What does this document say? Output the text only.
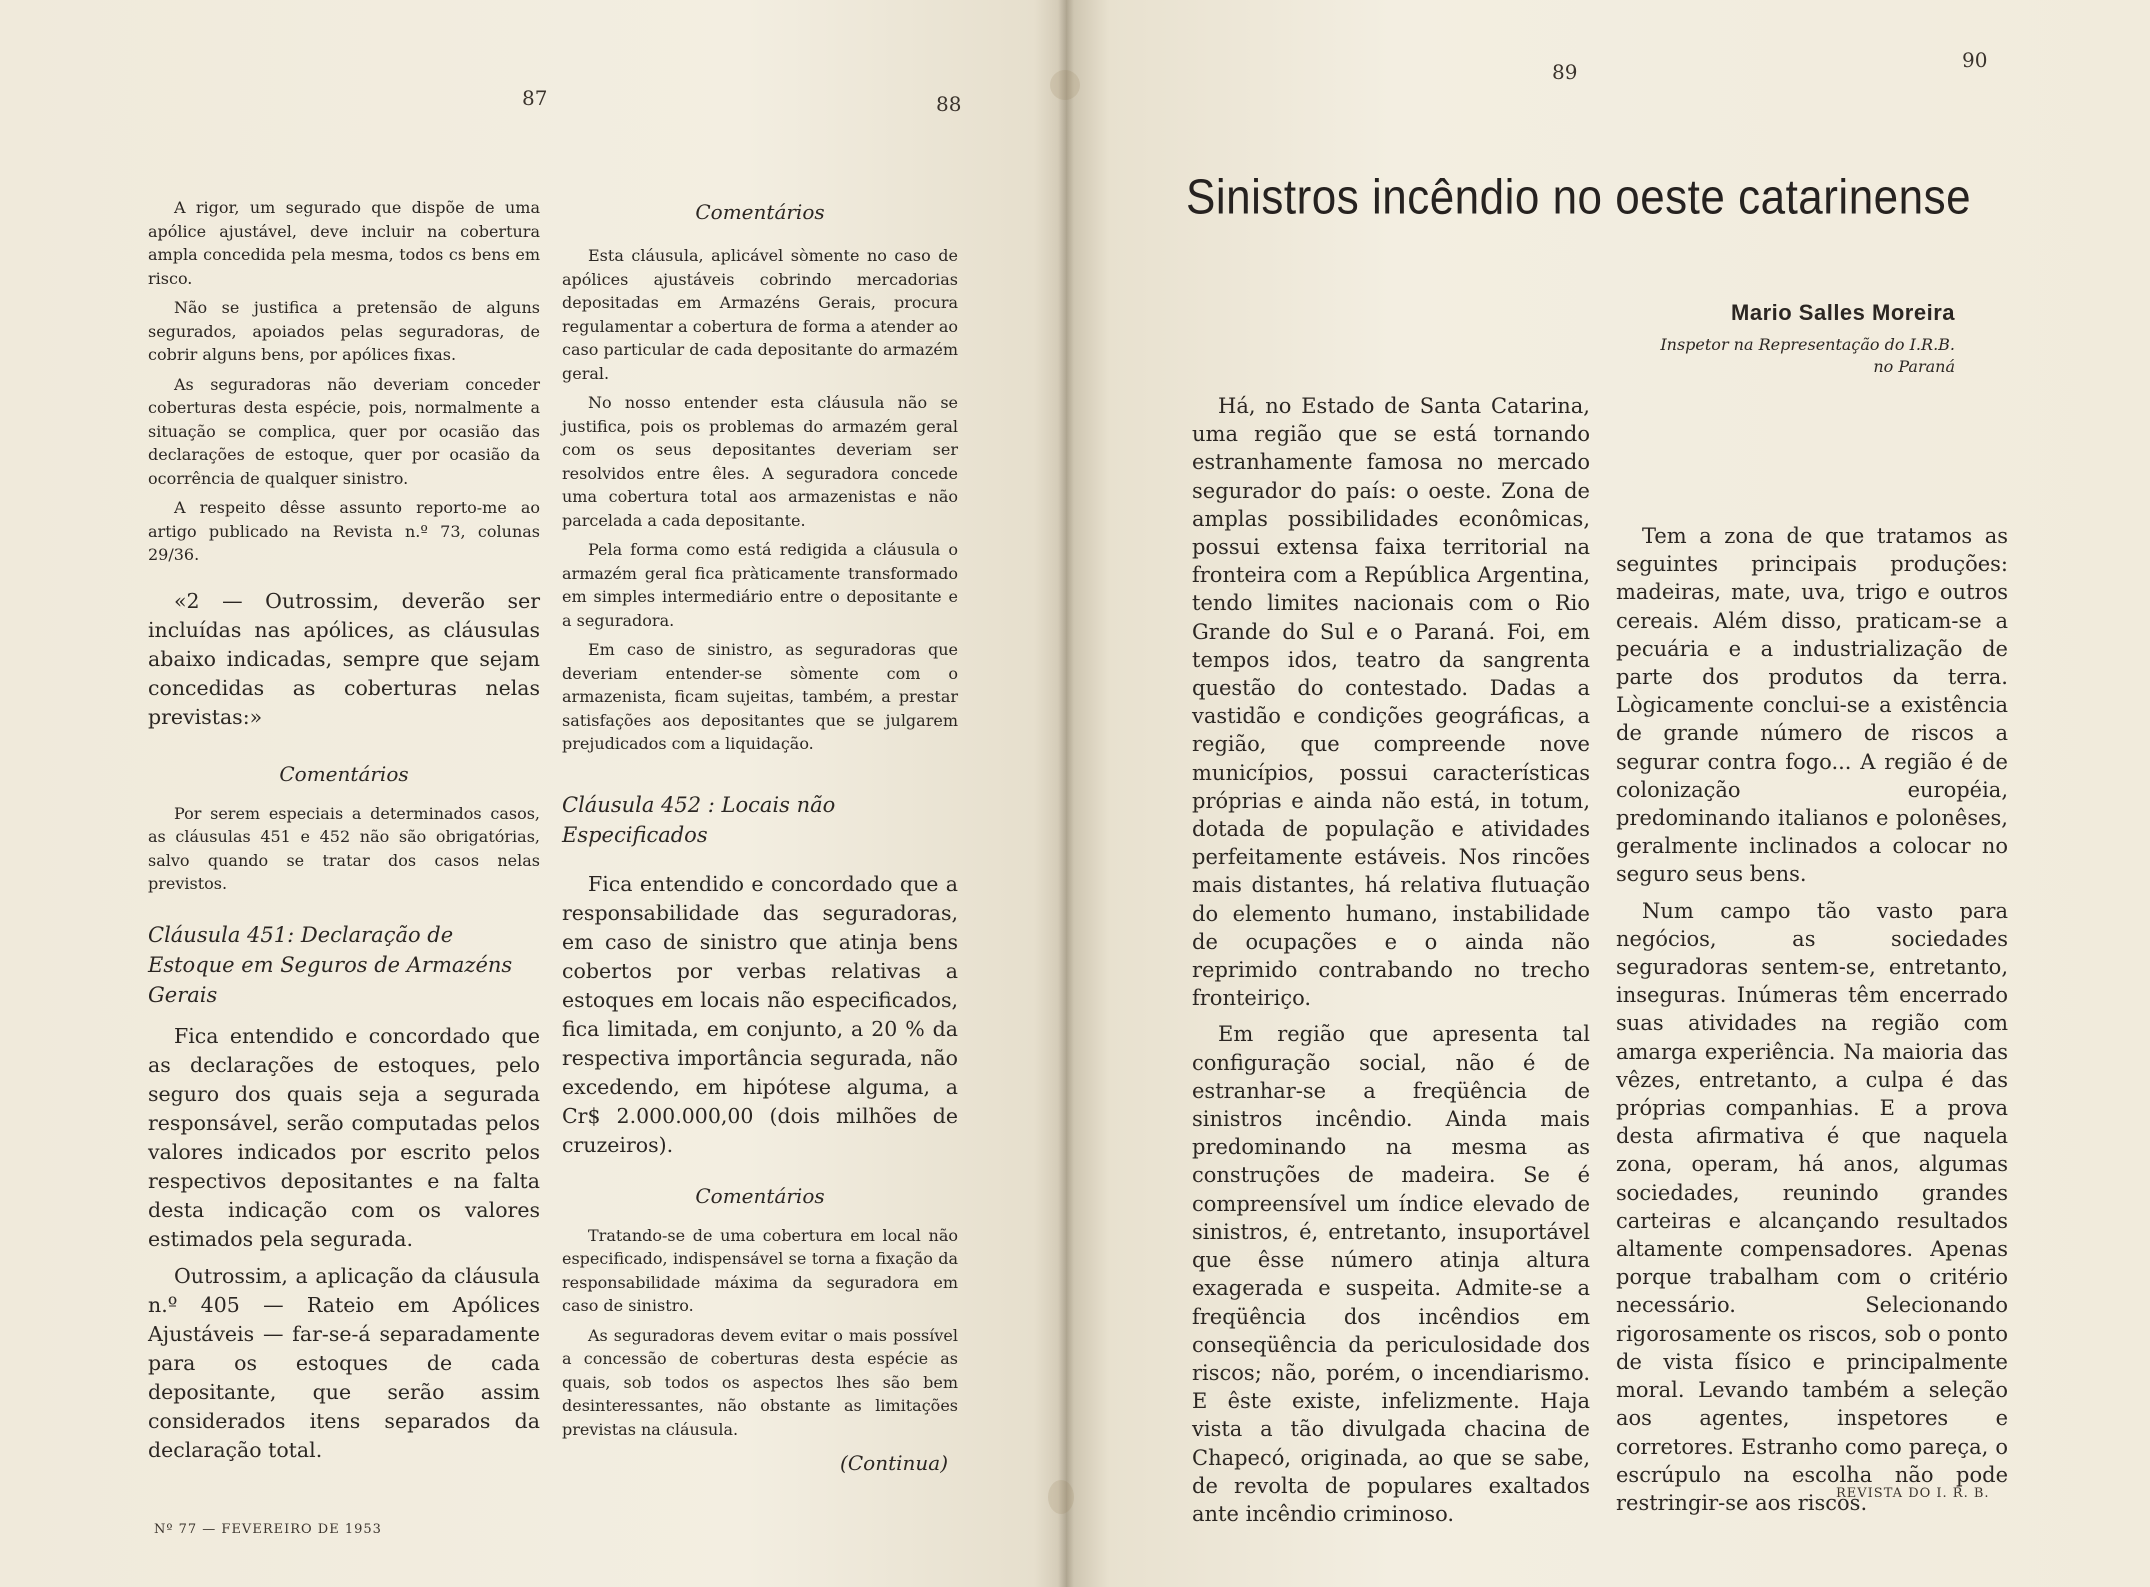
87	88
89	90

A rigor, um segurado que dispõe de uma apólice ajustável, deve incluir na cobertura ampla concedida pela mesma, todos cs bens em risco.

Não se justifica a pretensão de alguns segurados, apoiados pelas seguradoras, de cobrir alguns bens, por apólices fixas.

As seguradoras não deveriam conceder coberturas desta espécie, pois, normalmente a situação se complica, quer por ocasião das declarações de estoque, quer por ocasião da ocorrência de qualquer sinistro.

A respeito dêsse assunto reporto-me ao artigo publicado na Revista n.º 73, colunas 29/36.

«2 — Outrossim, deverão ser incluídas nas apólices, as cláusulas abaixo indicadas, sempre que sejam concedidas as coberturas nelas previstas:»

Comentários

Por serem especiais a determinados casos, as cláusulas 451 e 452 não são obrigatórias, salvo quando se tratar dos casos nelas previstos.

Cláusula 451: Declaração de Estoque em Seguros de Armazéns Gerais

Fica entendido e concordado que as declarações de estoques, pelo seguro dos quais seja a segurada responsável, serão computadas pelos valores indicados por escrito pelos respectivos depositantes e na falta desta indicação com os valores estimados pela segurada.

Outrossim, a aplicação da cláusula n.º 405 — Rateio em Apólices Ajustáveis — far-se-á separadamente para os estoques de cada depositante, que serão assim considerados itens separados da declaração total.

Comentários

Esta cláusula, aplicável sòmente no caso de apólices ajustáveis cobrindo mercadorias depositadas em Armazéns Gerais, procura regulamentar a cobertura de forma a atender ao caso particular de cada depositante do armazém geral.

No nosso entender esta cláusula não se justifica, pois os problemas do armazém geral com os seus depositantes deveriam ser resolvidos entre êles. A seguradora concede uma cobertura total aos armazenistas e não parcelada a cada depositante.

Pela forma como está redigida a cláusula o armazém geral fica pràticamente transformado em simples intermediário entre o depositante e a seguradora.

Em caso de sinistro, as seguradoras que deveriam entender-se sòmente com o armazenista, ficam sujeitas, também, a prestar satisfações aos depositantes que se julgarem prejudicados com a liquidação.

Cláusula 452 : Locais não Especificados

Fica entendido e concordado que a responsabilidade das seguradoras, em caso de sinistro que atinja bens cobertos por verbas relativas a estoques em locais não especificados, fica limitada, em conjunto, a 20 % da respectiva importância segurada, não excedendo, em hipótese alguma, a Cr$ 2.000.000,00 (dois milhões de cruzeiros).

Comentários

Tratando-se de uma cobertura em local não especificado, indispensável se torna a fixação da responsabilidade máxima da seguradora em caso de sinistro.

As seguradoras devem evitar o mais possível a concessão de coberturas desta espécie as quais, sob todos os aspectos lhes são bem desinteressantes, não obstante as limitações previstas na cláusula.

(Continua)
Nº 77 — FEVEREIRO DE 1953
Sinistros incêndio no oeste catarinense
Mario Salles Moreira
Inspetor na Representação do I.R.B.
no Paraná

Há, no Estado de Santa Catarina, uma região que se está tornando estranhamente famosa no mercado segurador do país: o oeste. Zona de amplas possibilidades econômicas, possui extensa faixa territorial na fronteira com a República Argentina, tendo limites nacionais com o Rio Grande do Sul e o Paraná. Foi, em tempos idos, teatro da sangrenta questão do contestado. Dadas a vastidão e condições geográficas, a região, que compreende nove municípios, possui características próprias e ainda não está, in totum, dotada de população e atividades perfeitamente estáveis. Nos rincões mais distantes, há relativa flutuação do elemento humano, instabilidade de ocupações e o ainda não reprimido contrabando no trecho fronteiriço.

Em região que apresenta tal configuração social, não é de estranhar-se a freqüência de sinistros incêndio. Ainda mais predominando na mesma as construções de madeira. Se é compreensível um índice elevado de sinistros, é, entretanto, insuportável que êsse número atinja altura exagerada e suspeita. Admite-se a freqüência dos incêndios em conseqüência da periculosidade dos riscos; não, porém, o incendiarismo. E êste existe, infelizmente. Haja vista a tão divulgada chacina de Chapecó, originada, ao que se sabe, de revolta de populares exaltados ante incêndio criminoso.

Tem a zona de que tratamos as seguintes principais produções: madeiras, mate, uva, trigo e outros cereais. Além disso, praticam-se a pecuária e a industrialização de parte dos produtos da terra. Lògicamente conclui-se a existência de grande número de riscos a segurar contra fogo... A região é de colonização européia, predominando italianos e polonêses, geralmente inclinados a colocar no seguro seus bens.

Num campo tão vasto para negócios, as sociedades seguradoras sentem-se, entretanto, inseguras. Inúmeras têm encerrado suas atividades na região com amarga experiência. Na maioria das vêzes, entretanto, a culpa é das próprias companhias. E a prova desta afirmativa é que naquela zona, operam, há anos, algumas sociedades, reunindo grandes carteiras e alcançando resultados altamente compensadores. Apenas porque trabalham com o critério necessário. Selecionando rigorosamente os riscos, sob o ponto de vista físico e principalmente moral. Levando também a seleção aos agentes, inspetores e corretores. Estranho como pareça, o escrúpulo na escolha não pode restringir-se aos riscos.

REVISTA DO I. R. B.
